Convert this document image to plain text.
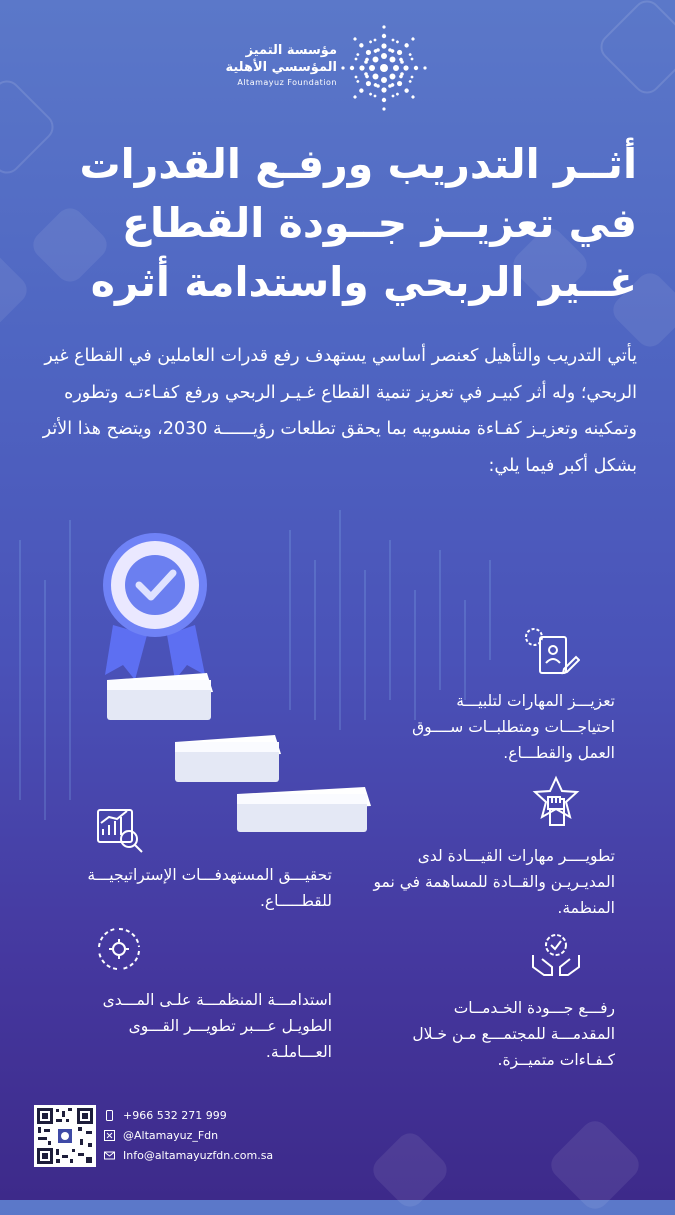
مؤسسة التميز
المؤسسي الأهلية
Altamayuz Foundation
أثــر التدريب ورفـع القدرات في تعزيــز جــودة القطاع غــير الربحي واستدامة أثره

يأتي التدريب والتأهيل كعنصر أساسي يستهدف رفع قدرات العاملين في القطاع غير الربحي؛ وله أثر كبيـر في تعزيز تنمية القطاع غـيـر الربحي ورفع كفـاءتـه وتطوره وتمكينه وتعزيـز كفـاءة منسوبيه بما يحقق تطلعات رؤيــــــة 2030، ويتضح هذا الأثر بشكل أكبر فيما يلي:

تعزيـــز المهارات لتلبيـــة احتياجـــات ومتطلبــات ســــوق العمل والقطـــاع.

تطويــــر مهارات القيـــادة لدى المديـريـن والقــادة للمساهمة في نمو المنظمة.

تحقيـــق المستهدفـــات الإستراتيجيـــة للقطـــــاع.

رفـــع جـــودة الخـدمــات المقدمـــة للمجتمـــع مـن خـلال كـفـاءات متميــزة.

استدامـــة المنظمـــة علـى المـــدى الطويـل عـــبر تطويـــر القـــوى العـــاملـة.

+966 532 271 999
@Altamayuz_Fdn
Info@altamayuzfdn.com.sa
